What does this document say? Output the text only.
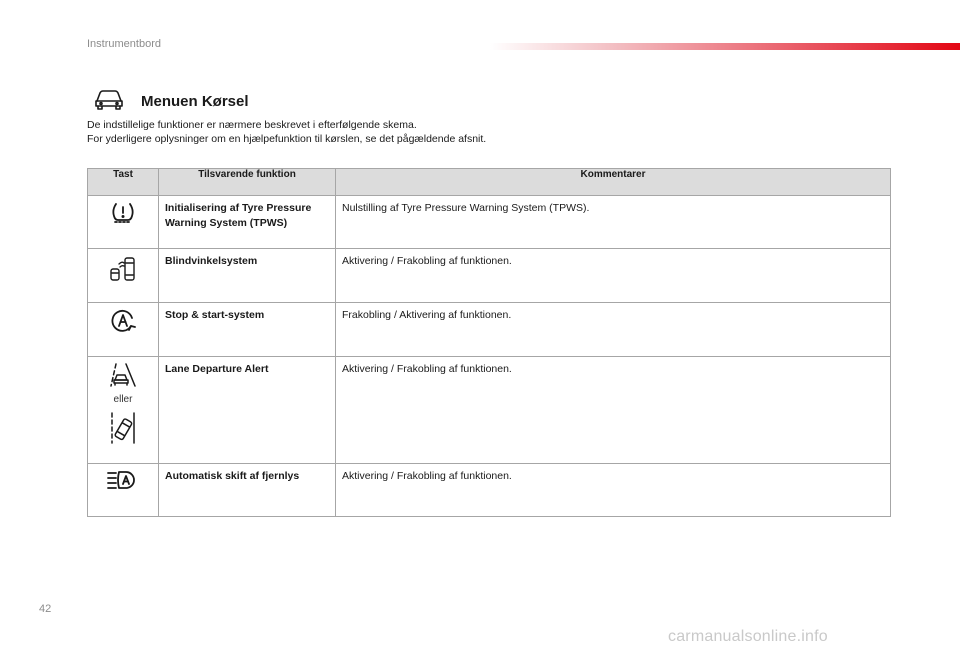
Instrumentbord
Menuen Kørsel
De indstillelige funktioner er nærmere beskrevet i efterfølgende skema.
For yderligere oplysninger om en hjælpefunktion til kørslen, se det pågældende afsnit.
Tast	Tilsvarende funktion	Kommentarer

	Initialisering af Tyre Pressure Warning System (TPWS)	Nulstilling af Tyre Pressure Warning System (TPWS).

	Blindvinkelsystem	Aktivering / Frakobling af funktionen.

	Stop & start-system	Frakobling / Aktivering af funktionen.

eller	Lane Departure Alert	Aktivering / Frakobling af funktionen.

	Automatisk skift af fjernlys	Aktivering / Frakobling af funktionen.
42
carmanualsonline.info
